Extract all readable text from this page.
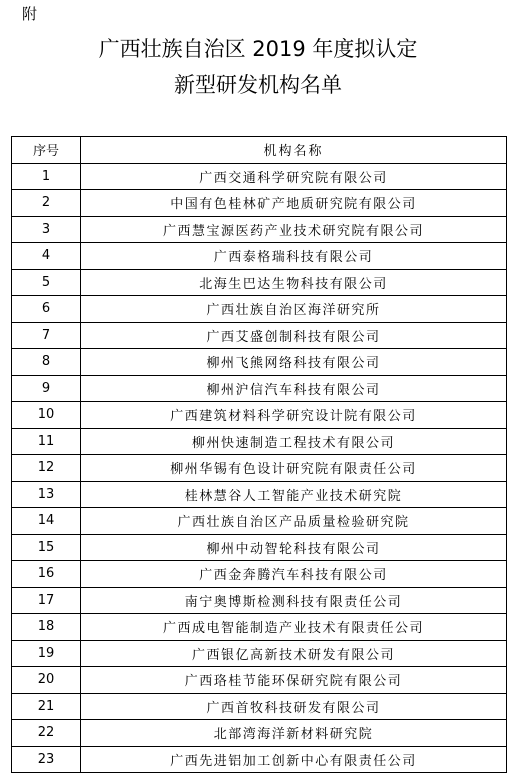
附
广西壮族自治区 2019 年度拟认定
新型研发机构名单
序号	机构名称
1	广西交通科学研究院有限公司
2	中国有色桂林矿产地质研究院有限公司
3	广西慧宝源医药产业技术研究院有限公司
4	广西泰格瑞科技有限公司
5	北海生巴达生物科技有限公司
6	广西壮族自治区海洋研究所
7	广西艾盛创制科技有限公司
8	柳州飞熊网络科技有限公司
9	柳州沪信汽车科技有限公司
10	广西建筑材料科学研究设计院有限公司
11	柳州快速制造工程技术有限公司
12	柳州华锡有色设计研究院有限责任公司
13	桂林慧谷人工智能产业技术研究院
14	广西壮族自治区产品质量检验研究院
15	柳州中动智轮科技有限公司
16	广西金奔腾汽车科技有限公司
17	南宁奥博斯检测科技有限责任公司
18	广西成电智能制造产业技术有限责任公司
19	广西银亿高新技术研发有限公司
20	广西珞桂节能环保研究院有限公司
21	广西首牧科技研发有限公司
22	北部湾海洋新材料研究院
23	广西先进铝加工创新中心有限责任公司
